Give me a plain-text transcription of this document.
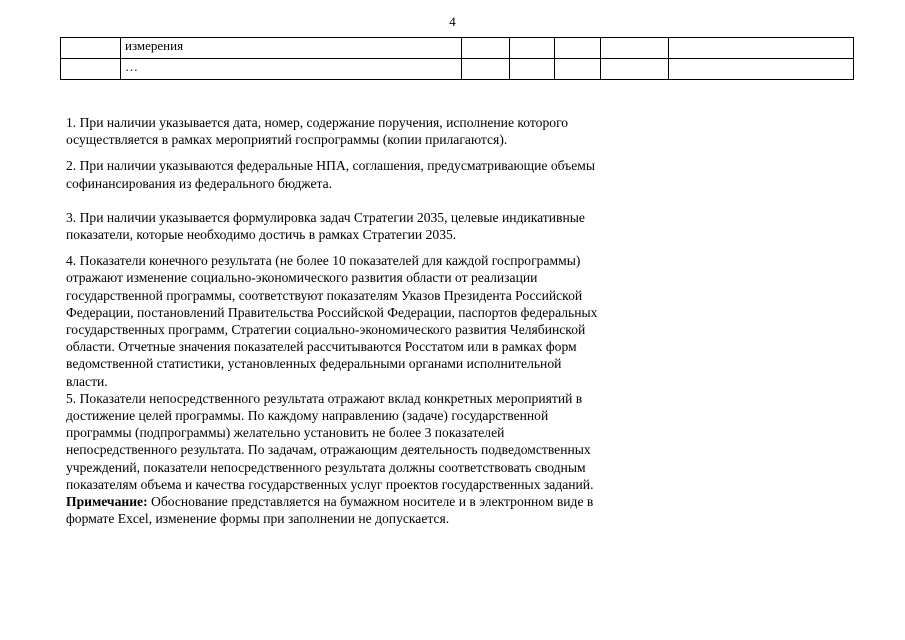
4
	измерения					
	…					

1. При наличии указывается дата, номер, содержание поручения, исполнение которого
осуществляется в рамках мероприятий госпрограммы (копии прилагаются).

2. При наличии указываются федеральные НПА, соглашения, предусматривающие объемы
софинансирования из федерального бюджета.

3. При наличии указывается формулировка задач Стратегии 2035, целевые индикативные
показатели, которые необходимо достичь в рамках Стратегии 2035.

4. Показатели конечного результата (не более 10 показателей для каждой госпрограммы)
отражают изменение социально-экономического развития области от реализации
государственной программы, соответствуют показателям Указов Президента Российской
Федерации, постановлений Правительства Российской Федерации, паспортов федеральных
государственных программ, Стратегии социально-экономического развития Челябинской
области. Отчетные значения показателей рассчитываются Росстатом или в рамках форм
ведомственной статистики, установленных федеральными органами исполнительной
власти.

5. Показатели непосредственного результата отражают вклад конкретных мероприятий в
достижение целей программы. По каждому направлению (задаче) государственной
программы (подпрограммы) желательно установить не более 3 показателей
непосредственного результата. По задачам, отражающим деятельность подведомственных
учреждений, показатели непосредственного результата должны соответствовать сводным
показателям объема и качества государственных услуг проектов государственных заданий.

Примечание: Обоснование представляется на бумажном носителе и в электронном виде в
формате Excel, изменение формы при заполнении не допускается.
